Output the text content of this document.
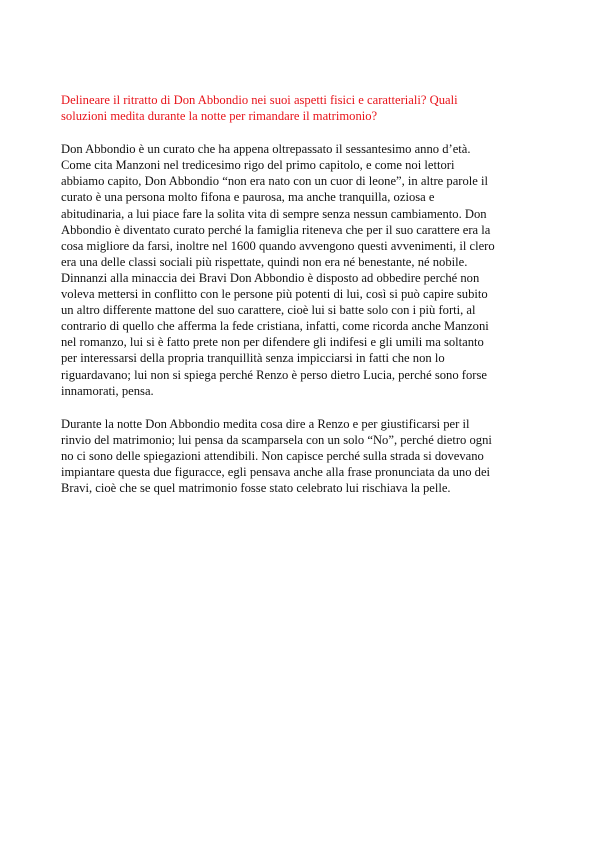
Delineare il ritratto di Don Abbondio nei suoi aspetti fisici e caratteriali? Quali
soluzioni medita durante la notte per rimandare il matrimonio?

Don Abbondio è un curato che ha appena oltrepassato il sessantesimo anno d’età.
Come cita Manzoni nel tredicesimo rigo del primo capitolo, e come noi lettori
abbiamo capito, Don Abbondio “non era nato con un cuor di leone”, in altre parole il
curato è una persona molto fifona e paurosa, ma anche tranquilla, oziosa e
abitudinaria, a lui piace fare la solita vita di sempre senza nessun cambiamento. Don
Abbondio è diventato curato perché la famiglia riteneva che per il suo carattere era la
cosa migliore da farsi, inoltre nel 1600 quando avvengono questi avvenimenti, il clero
era una delle classi sociali più rispettate, quindi non era né benestante, né nobile.
Dinnanzi alla minaccia dei Bravi Don Abbondio è disposto ad obbedire perché non
voleva mettersi in conflitto con le persone più potenti di lui, così si può capire subito
un altro differente mattone del suo carattere, cioè lui si batte solo con i più forti, al
contrario di quello che afferma la fede cristiana, infatti, come ricorda anche Manzoni
nel romanzo, lui si è fatto prete non per difendere gli indifesi e gli umili ma soltanto
per interessarsi della propria tranquillità senza impicciarsi in fatti che non lo
riguardavano; lui non si spiega perché Renzo è perso dietro Lucia, perché sono forse
innamorati, pensa.

Durante la notte Don Abbondio medita cosa dire a Renzo e per giustificarsi per il
rinvio del matrimonio; lui pensa da scamparsela con un solo “No”, perché dietro ogni
no ci sono delle spiegazioni attendibili. Non capisce perché sulla strada si dovevano
impiantare questa due figuracce, egli pensava anche alla frase pronunciata da uno dei
Bravi, cioè che se quel matrimonio fosse stato celebrato lui rischiava la pelle.
